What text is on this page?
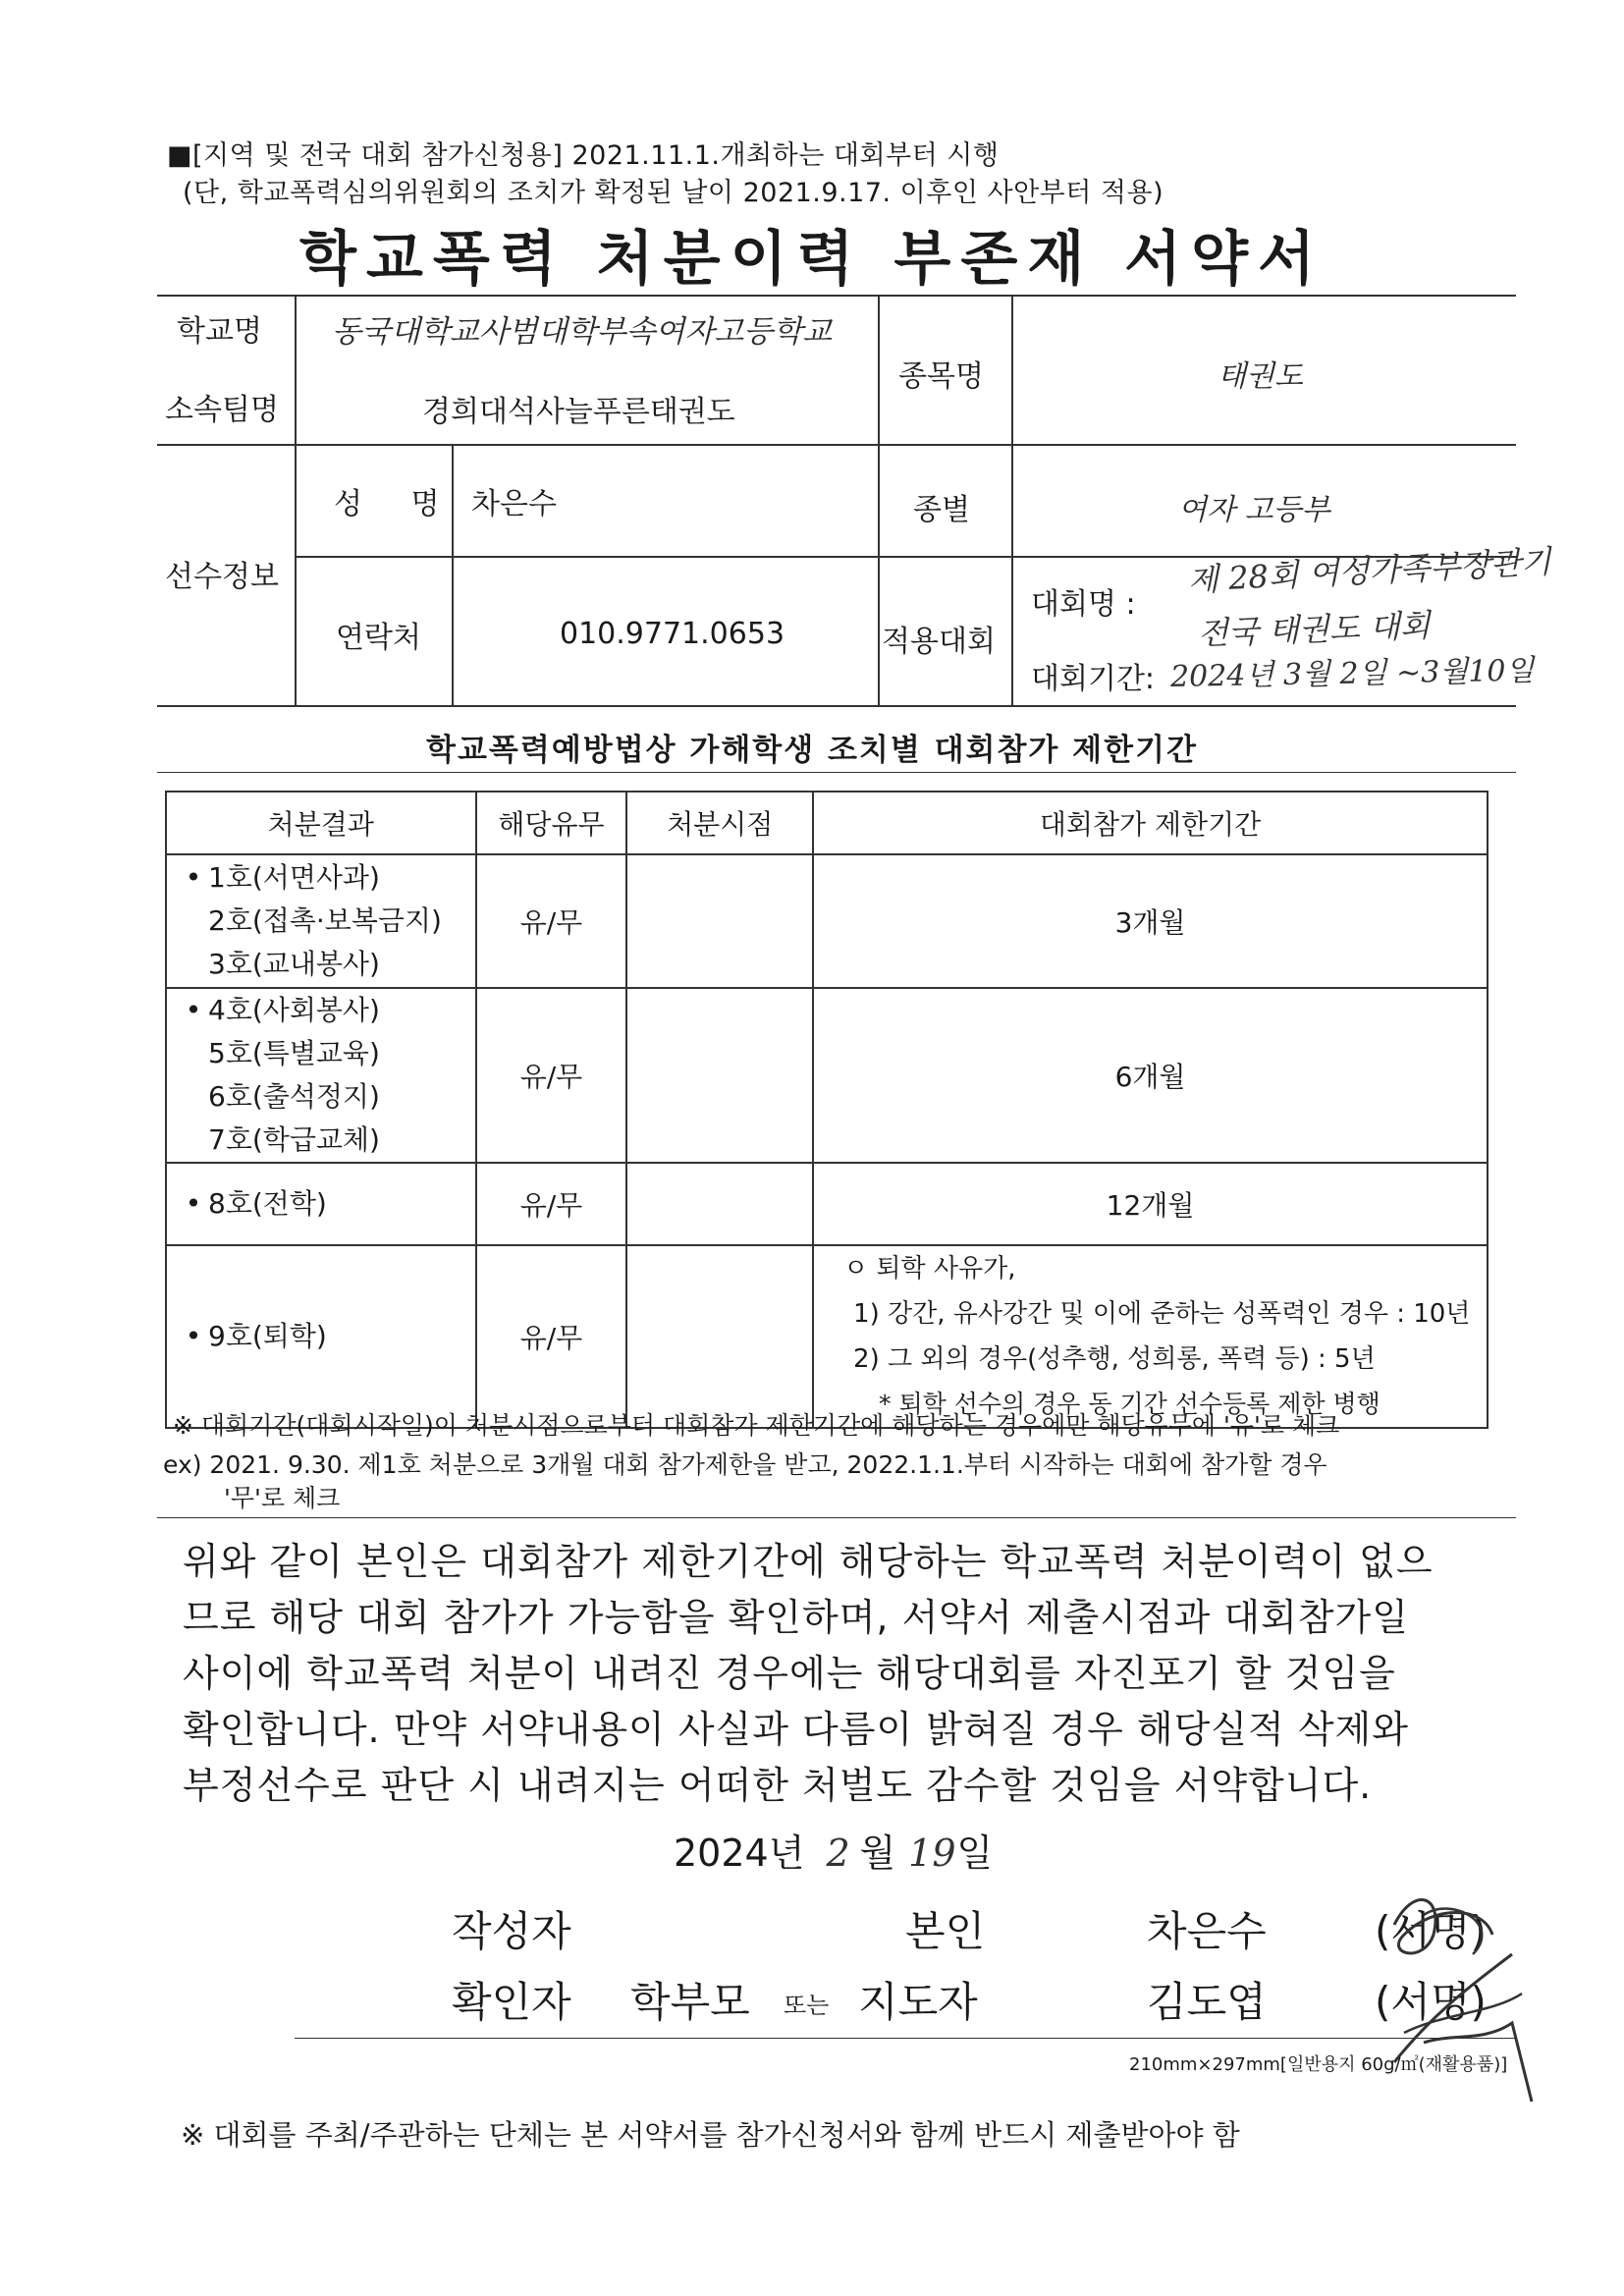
■[지역 및 전국 대회 참가신청용] 2021.11.1.개최하는 대회부터 시행
(단, 학교폭력심의위원회의 조치가 확정된 날이 2021.9.17. 이후인 사안부터 적용)
학교폭력 처분이력 부존재 서약서
학교명 동국대학교사범대학부속여자고등학교
소속팀명	경희대석사늘푸른태권도
종목명	태권도
선수정보
성 명 차은수	종별	여자 고등부
연락처	010.9771.0653	적용대회
대회명 :
제 28회 여성가족부장관기
전국 태권도 대회
대회기간: 2024년 3월 2일 ~3월10일
학교폭력예방법상 가해학생 조치별 대회참가 제한기간
처분결과	해당유무	처분시점	대회참가 제한기간

• 1호(서면사과)
2호(접촉·보복금지)
3호(교내봉사)	유/무		3개월

• 4호(사회봉사)
5호(특별교육)
6호(출석정지)
7호(학급교체)	유/무		6개월
• 8호(전학)	유/무		12개월
• 9호(퇴학)	유/무		ㅇ 퇴학 사유가,
1) 강간, 유사강간 및 이에 준하는 성폭력인 경우 : 10년
2) 그 외의 경우(성추행, 성희롱, 폭력 등) : 5년
* 퇴학 선수의 경우 동 기간 선수등록 제한 병행
※ 대회기간(대회시작일)이 처분시점으로부터 대회참가 제한기간에 해당하는 경우에만 해당유무에 '유'로 체크
ex) 2021. 9.30. 제1호 처분으로 3개월 대회 참가제한을 받고, 2022.1.1.부터 시작하는 대회에 참가할 경우
'무'로 체크
위와 같이 본인은 대회참가 제한기간에 해당하는 학교폭력 처분이력이 없으
므로 해당 대회 참가가 가능함을 확인하며, 서약서 제출시점과 대회참가일
사이에 학교폭력 처분이 내려진 경우에는 해당대회를 자진포기 할 것임을
확인합니다. 만약 서약내용이 사실과 다름이 밝혀질 경우 해당실적 삭제와
부정선수로 판단 시 내려지는 어떠한 처벌도 감수할 것임을 서약합니다.
2024년 2 월 19일
작성자	본인	차은수	(서명)
확인자 학부모 또는 지도자	김도엽	(서명)
210mm×297mm[일반용지 60g/㎡(재활용품)]
※ 대회를 주최/주관하는 단체는 본 서약서를 참가신청서와 함께 반드시 제출받아야 함
